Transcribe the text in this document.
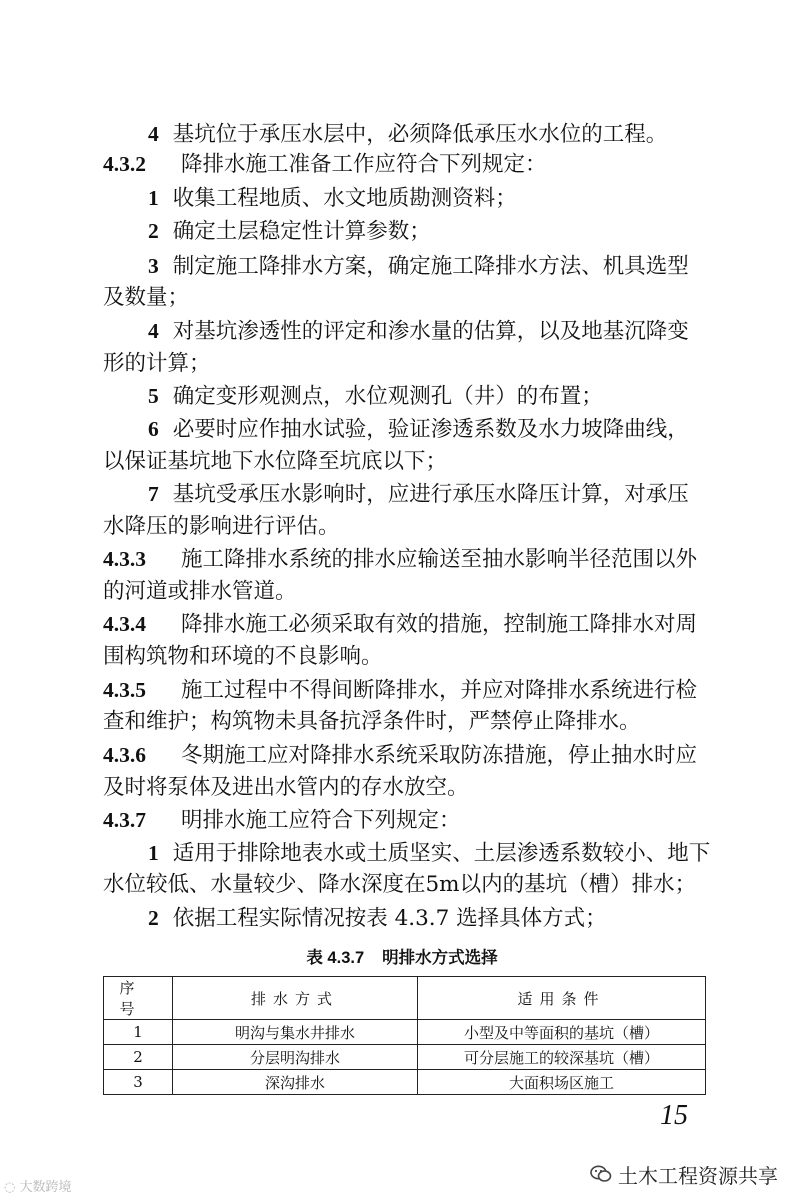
4 基坑位于承压水层中，必须降低承压水水位的工程。
4.3.2 降排水施工准备工作应符合下列规定：
1 收集工程地质、水文地质勘测资料；
2 确定土层稳定性计算参数；
3 制定施工降排水方案，确定施工降排水方法、机具选型
及数量；
4 对基坑渗透性的评定和渗水量的估算，以及地基沉降变
形的计算；
5 确定变形观测点，水位观测孔（井）的布置；
6 必要时应作抽水试验，验证渗透系数及水力坡降曲线，
以保证基坑地下水位降至坑底以下；
7 基坑受承压水影响时，应进行承压水降压计算，对承压
水降压的影响进行评估。
4.3.3 施工降排水系统的排水应输送至抽水影响半径范围以外
的河道或排水管道。
4.3.4 降排水施工必须采取有效的措施，控制施工降排水对周
围构筑物和环境的不良影响。
4.3.5 施工过程中不得间断降排水，并应对降排水系统进行检
查和维护；构筑物未具备抗浮条件时，严禁停止降排水。
4.3.6 冬期施工应对降排水系统采取防冻措施，停止抽水时应
及时将泵体及进出水管内的存水放空。
4.3.7 明排水施工应符合下列规定：
1 适用于排除地表水或土质坚实、土层渗透系数较小、地下
水位较低、水量较少、降水深度在5m以内的基坑（槽）排水；
2 依据工程实际情况按表 4.3.7 选择具体方式；
表 4.3.7 明排水方式选择
序号	排水方式	适用条件
1	明沟与集水井排水	小型及中等面积的基坑（槽）
2	分层明沟排水	可分层施工的较深基坑（槽）
3	深沟排水	大面积场区施工
15
土木工程资源共享
◌ 大数跨境
